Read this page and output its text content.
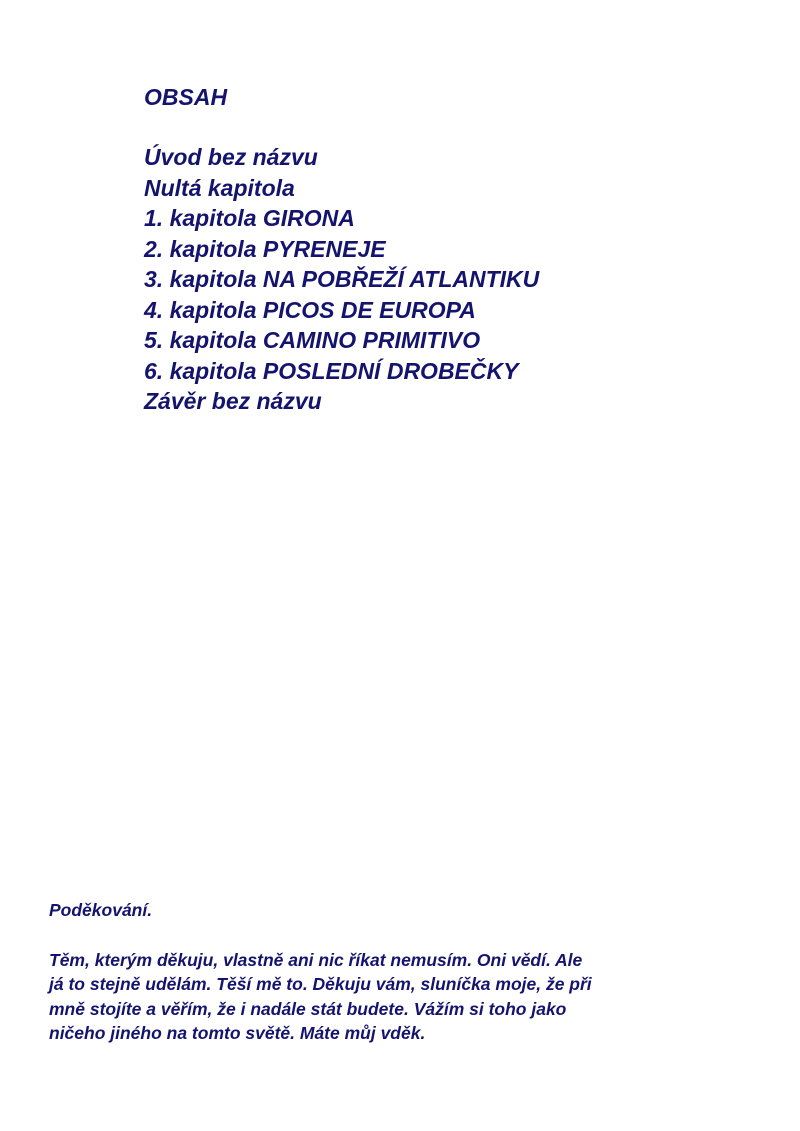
OBSAH
Úvod bez názvu
Nultá kapitola
1. kapitola GIRONA
2. kapitola PYRENEJE
3. kapitola NA POBŘEŽÍ ATLANTIKU
4. kapitola PICOS DE EUROPA
5. kapitola CAMINO PRIMITIVO
6. kapitola POSLEDNÍ DROBEČKY
Závěr bez názvu
Poděkování.

Těm, kterým děkuju, vlastně ani nic říkat nemusím. Oni vědí. Ale
já to stejně udělám. Těší mě to. Děkuju vám, sluníčka moje, že při
mně stojíte a věřím, že i nadále stát budete. Vážím si toho jako
ničeho jiného na tomto světě. Máte můj vděk.
